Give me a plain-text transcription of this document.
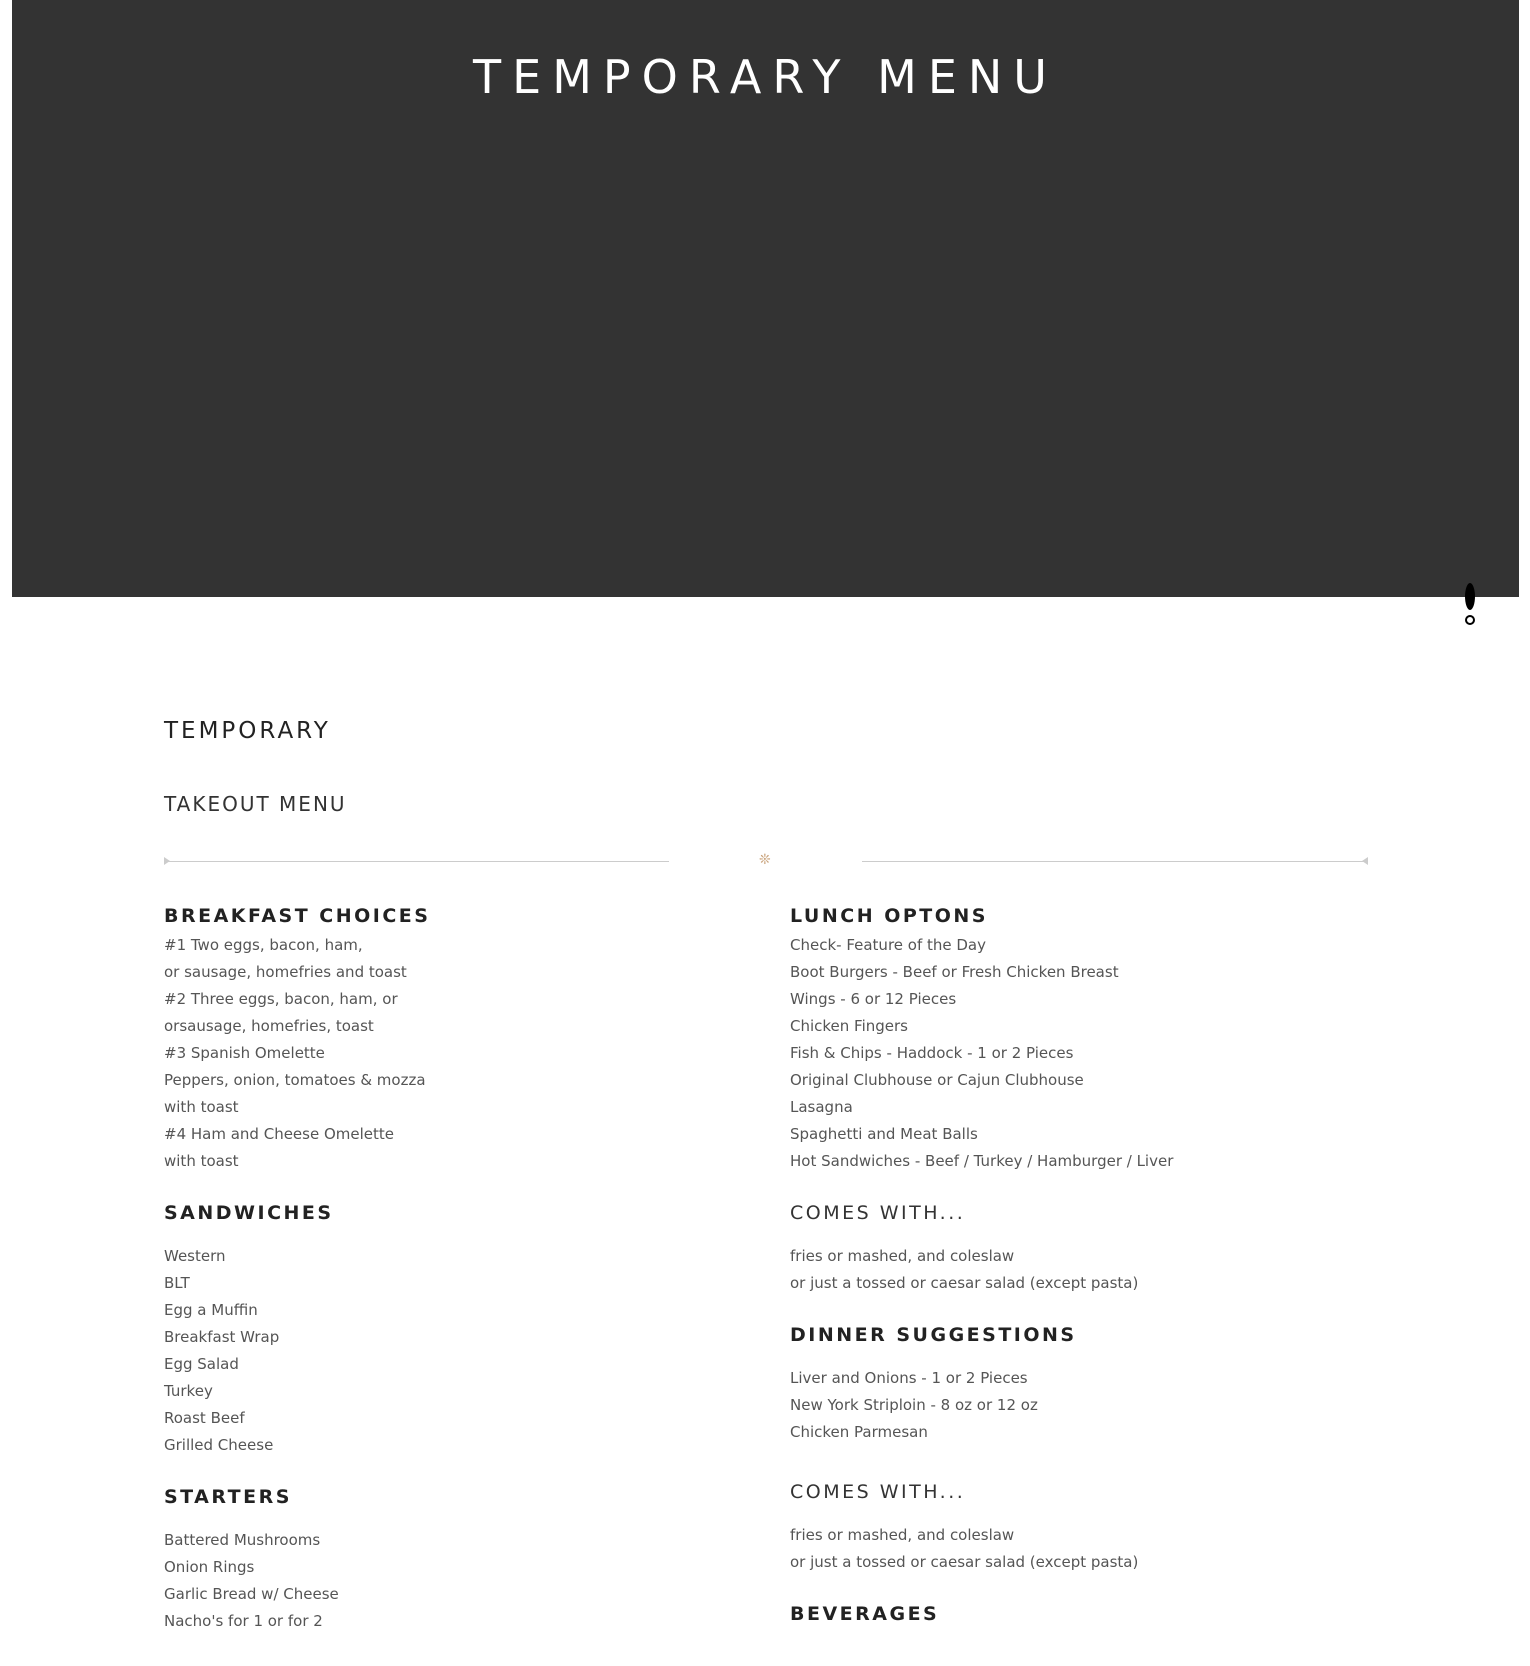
TEMPORARY MENU
TEMPORARY
TAKEOUT MENU
❊
BREAKFAST CHOICES
#1 Two eggs, bacon, ham,
or sausage, homefries and toast
#2 Three eggs, bacon, ham, or
orsausage, homefries, toast
#3 Spanish Omelette
Peppers, onion, tomatoes & mozza
with toast
#4 Ham and Cheese Omelette
with toast
SANDWICHES
Western
BLT
Egg a Muffin
Breakfast Wrap
Egg Salad
Turkey
Roast Beef
Grilled Cheese
STARTERS
Battered Mushrooms
Onion Rings
Garlic Bread w/ Cheese
Nacho's for 1 or for 2
LUNCH OPTONS
Check- Feature of the Day
Boot Burgers - Beef or Fresh Chicken Breast
Wings - 6 or 12 Pieces
Chicken Fingers
Fish & Chips - Haddock - 1 or 2 Pieces
Original Clubhouse or Cajun Clubhouse
Lasagna
Spaghetti and Meat Balls
Hot Sandwiches - Beef / Turkey / Hamburger / Liver
COMES WITH...
fries or mashed, and coleslaw
or just a tossed or caesar salad (except pasta)
DINNER SUGGESTIONS
Liver and Onions - 1 or 2 Pieces
New York Striploin - 8 oz or 12 oz
Chicken Parmesan
COMES WITH...
fries or mashed, and coleslaw
or just a tossed or caesar salad (except pasta)
BEVERAGES
